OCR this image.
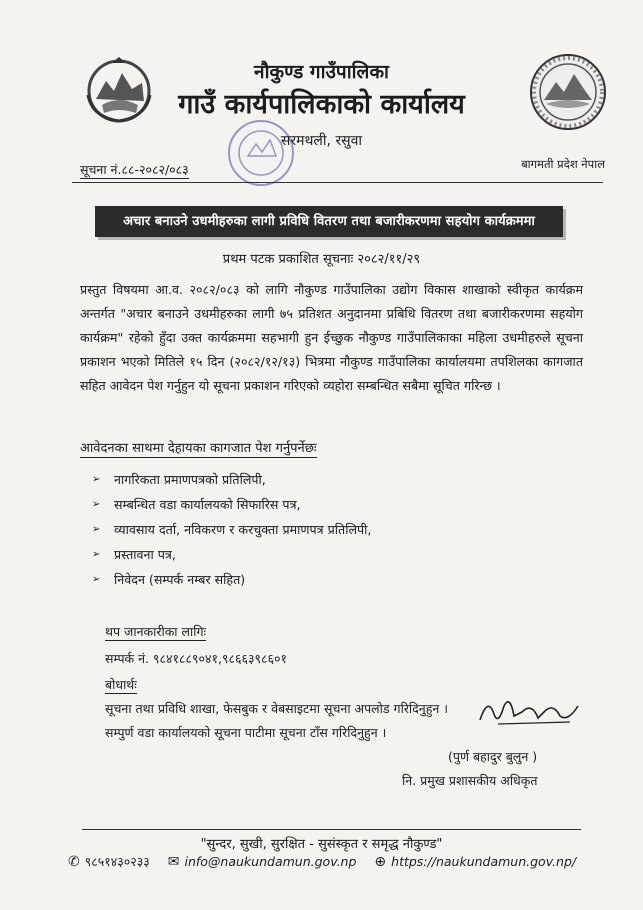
नौकुण्ड गाउँपालिका
गाउँ कार्यपालिकाको कार्यालय
सरमथली, रसुवा
सूचना नं.८८-२०८२/०८३	बागमती प्रदेश नेपाल
अचार बनाउने उधमीहरुका लागी प्रविधि वितरण तथा बजारीकरणमा सहयोग कार्यक्रममा
प्रथम पटक प्रकाशित सूचनाः २०८२/११/२९
प्रस्तुत विषयमा आ.व. २०८२/०८३ को लागि नौकुण्ड गाउँपालिका उद्योग विकास शाखाको स्वीकृत कार्यक्रम अन्तर्गत "अचार बनाउने उधमीहरुका लागी ७५ प्रतिशत अनुदानमा प्रबिधि वितरण तथा बजारीकरणमा सहयोग कार्यक्रम" रहेको हुँदा उक्त कार्यक्रममा सहभागी हुन ईच्छुक नौकुण्ड गाउँपालिकाका महिला उधमीहरुले सूचना प्रकाशन भएको मितिले १५ दिन (२०८२/१२/१३) भित्रमा नौकुण्ड गाउँपालिका कार्यालयमा तपशिलका कागजात सहित आवेदन पेश गर्नुहुन यो सूचना प्रकाशन गरिएको व्यहोरा सम्बन्धित सबैमा सूचित गरिन्छ ।
आवेदनका साथमा देहायका कागजात पेश गर्नुपर्नेछः
➢	नागरिकता प्रमाणपत्रको प्रतिलिपी,
➢	सम्बन्धित वडा कार्यालयको सिफारिस पत्र,
➢	व्यावसाय दर्ता, नविकरण र करचुक्ता प्रमाणपत्र प्रतिलिपी,
➢	प्रस्तावना पत्र,
➢	निवेदन (सम्पर्क नम्बर सहित)
थप जानकारीका लागिः
सम्पर्क नं. ९८४१८८९०४१,९८६६३९८६०१
बोधार्थः
सूचना तथा प्रविधि शाखा, फेसबुक र वेबसाइटमा सूचना अपलोड गरिदिनुहुन ।
सम्पुर्ण वडा कार्यालयको सूचना पाटीमा सूचना टाँस गरिदिनुहुन ।
(पुर्ण बहादुर बुलुन )
नि. प्रमुख प्रशासकीय अधिकृत
"सुन्दर, सुखी, सुरक्षित - सुसंस्कृत र समृद्ध नौकुण्ड"
✆ ९८५१४३०२३३ ✉ info@naukundamun.gov.np ⊕ https://naukundamun.gov.np/
